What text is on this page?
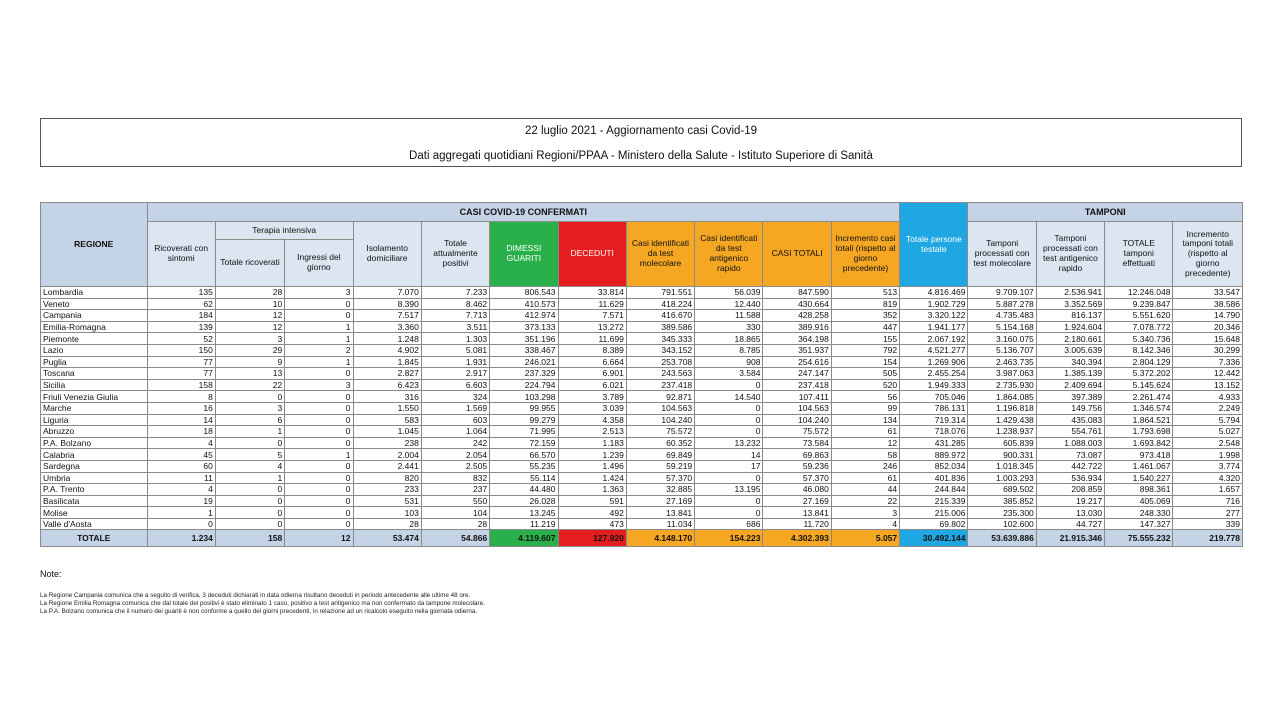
22 luglio 2021 - Aggiornamento casi Covid-19
Dati aggregati quotidiani Regioni/PPAA - Ministero della Salute - Istituto Superiore di Sanità
REGIONE	CASI COVID-19 CONFERMATI											Totale persone testate	TAMPONI			
	Ricoverati con sintomi	Terapia intensiva		Isolamento domiciliare	Totale attualmente positivi	DIMESSI GUARITI	DECEDUTI	Casi identificati da test molecolare	Casi identificati da test antigenico rapido	CASI TOTALI	Incremento casi totali (rispetto al giorno precedente)		Tamponi processati con test molecolare	Tamponi processati con test antigenico rapido	TOTALE tamponi effettuati	Incremento tamponi totali (rispetto al giorno precedente)
		Totale ricoverati	Ingressi del giorno													
Lombardia	135	28	3	7.070	7.233	806.543	33.814	791.551	56.039	847.590	513	4.816.469	9.709.107	2.536.941	12.246.048	33.547
Veneto	62	10	0	8.390	8.462	410.573	11.629	418.224	12.440	430.664	819	1.902.729	5.887.278	3.352.569	9.239.847	38.586
Campania	184	12	0	7.517	7.713	412.974	7.571	416.670	11.588	428.258	352	3.320.122	4.735.483	816.137	5.551.620	14.790
Emilia-Romagna	139	12	1	3.360	3.511	373.133	13.272	389.586	330	389.916	447	1.941.177	5.154.168	1.924.604	7.078.772	20.346
Piemonte	52	3	1	1.248	1.303	351.196	11.699	345.333	18.865	364.198	155	2.067.192	3.160.075	2.180.661	5.340.736	15.648
Lazio	150	29	2	4.902	5.081	338.467	8.389	343.152	8.785	351.937	792	4.521.277	5.136.707	3.005.639	8.142.346	30.299
Puglia	77	9	1	1.845	1.931	246.021	6.664	253.708	908	254.616	154	1.269.906	2.463.735	340.394	2.804.129	7.336
Toscana	77	13	0	2.827	2.917	237.329	6.901	243.563	3.584	247.147	505	2.455.254	3.987.063	1.385.139	5.372.202	12.442
Sicilia	158	22	3	6.423	6.603	224.794	6.021	237.418	0	237.418	520	1.949.333	2.735.930	2.409.694	5.145.624	13.152
Friuli Venezia Giulia	8	0	0	316	324	103.298	3.789	92.871	14.540	107.411	56	705.046	1.864.085	397.389	2.261.474	4.933
Marche	16	3	0	1.550	1.569	99.955	3.039	104.563	0	104.563	99	786.131	1.196.818	149.756	1.346.574	2.249
Liguria	14	6	0	583	603	99.279	4.358	104.240	0	104.240	134	719.314	1.429.438	435.083	1.864.521	5.794
Abruzzo	18	1	0	1.045	1.064	71.995	2.513	75.572	0	75.572	61	718.076	1.238.937	554.761	1.793.698	5.027
P.A. Bolzano	4	0	0	238	242	72.159	1.183	60.352	13.232	73.584	12	431.285	605.839	1.088.003	1.693.842	2.548
Calabria	45	5	1	2.004	2.054	66.570	1.239	69.849	14	69.863	58	889.972	900.331	73.087	973.418	1.998
Sardegna	60	4	0	2.441	2.505	55.235	1.496	59.219	17	59.236	246	852.034	1.018.345	442.722	1.461.067	3.774
Umbria	11	1	0	820	832	55.114	1.424	57.370	0	57.370	61	401.836	1.003.293	536.934	1.540.227	4.320
P.A. Trento	4	0	0	233	237	44.480	1.363	32.885	13.195	46.080	44	244.844	689.502	208.859	898.361	1.657
Basilicata	19	0	0	531	550	26.028	591	27.169	0	27.169	22	215.339	385.852	19.217	405.069	716
Molise	1	0	0	103	104	13.245	492	13.841	0	13.841	3	215.006	235.300	13.030	248.330	277
Valle d'Aosta	0	0	0	28	28	11.219	473	11.034	686	11.720	4	69.802	102.600	44.727	147.327	339
TOTALE	1.234	158	12	53.474	54.866	4.119.607	127.920	4.148.170	154.223	4.302.393	5.057	30.492.144	53.639.886	21.915.346	75.555.232	219.778
Note:
La Regione Campania comunica che a seguito di verifica, 3 deceduti dichiarati in data odierna risultano deceduti in periodo antecedente alle ultime 48 ore.
La Regione Emilia Romagna comunica che dal totale dei positivi è stato eliminato 1 caso, positivo a test antigenico ma non confermato da tampone molecolare.
La P.A. Bolzano comunica che il numero dei guariti è non conforme a quello dei giorni precedenti, in relazione ad un ricalcolo eseguito nella giornata odierna.
